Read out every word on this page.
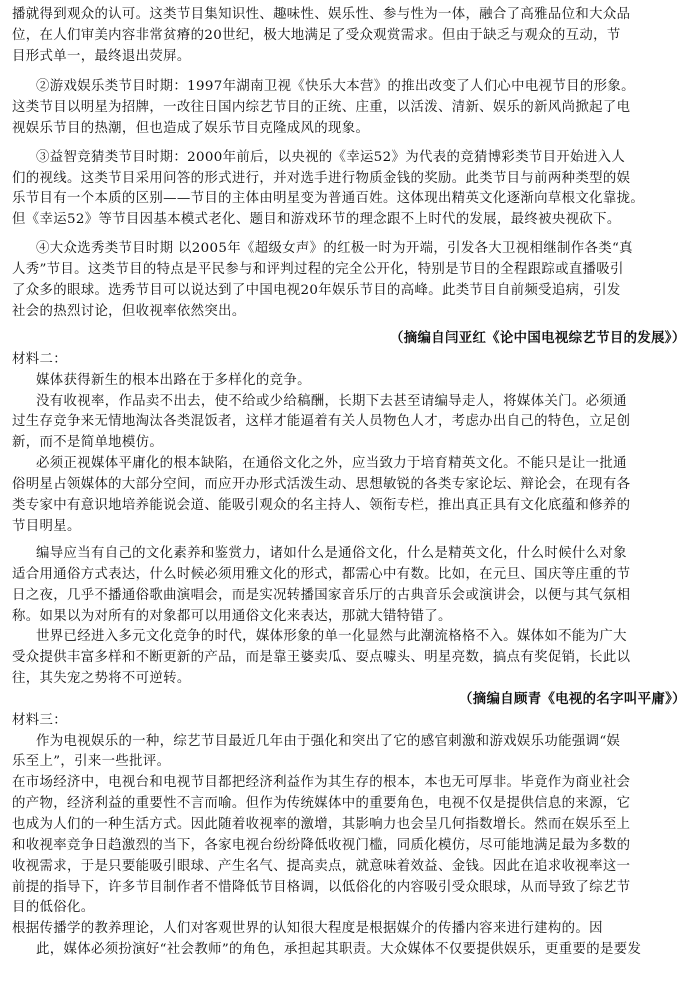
播就得到观众的认可。这类节目集知识性、趣味性、娱乐性、参与性为一体，融合了高雅品位和大众品
位，在人们审美内容非常贫瘠的20世纪，极大地满足了受众观赏需求。但由于缺乏与观众的互动，节
目形式单一，最终退出荧屏。
②游戏娱乐类节目时期：1997年湖南卫视《快乐大本营》的推出改变了人们心中电视节目的形象。
这类节目以明星为招牌，一改往日国内综艺节目的正统、庄重，以活泼、清新、娱乐的新风尚掀起了电
视娱乐节目的热潮，但也造成了娱乐节目克隆成风的现象。
③益智竞猜类节目时期：2000年前后，以央视的《幸运52》为代表的竞猜博彩类节目开始进入人
们的视线。这类节目采用问答的形式进行，并对选手进行物质金钱的奖励。此类节目与前两种类型的娱
乐节目有一个本质的区别——节目的主体由明星变为普通百姓。这体现出精英文化逐渐向草根文化靠拢。
但《幸运52》等节目因基本模式老化、题目和游戏环节的理念跟不上时代的发展，最终被央视砍下。
④大众选秀类节目时期 以2005年《超级女声》的红极一时为开端，引发各大卫视相继制作各类“真
人秀”节目。这类节目的特点是平民参与和评判过程的完全公开化，特别是节目的全程跟踪或直播吸引
了众多的眼球。选秀节目可以说达到了中国电视20年娱乐节目的高峰。此类节目自前频受追病，引发
社会的热烈讨论，但收视率依然突出。
（摘编自闫亚红《论中国电视综艺节目的发展》）
材料二：
媒体获得新生的根本出路在于多样化的竞争。
没有收视率，作品卖不出去，使不给或少给稿酬，长期下去甚至请编导走人，将媒体关门。必须通
过生存竞争来无情地淘汰各类混饭者，这样才能逼着有关人员物色人才，考虑办出自己的特色，立足创
新，而不是简单地模仿。
必须正视媒体平庸化的根本缺陷，在通俗文化之外，应当致力于培育精英文化。不能只是让一批通
俗明星占领媒体的大部分空间，而应开办形式活泼生动、思想敏锐的各类专家论坛、辩论会，在现有各
类专家中有意识地培养能说会道、能吸引观众的名主持人、领衔专栏，推出真正具有文化底蕴和修养的
节目明星。
编导应当有自己的文化素养和鉴赏力，诸如什么是通俗文化，什么是精英文化，什么时候什么对象
适合用通俗方式表达，什么时候必须用雅文化的形式，都需心中有数。比如，在元旦、国庆等庄重的节
日之夜，几乎不播通俗歌曲演唱会，而是实况转播国家音乐厅的古典音乐会或演讲会，以便与其气氛相
称。如果以为对所有的对象都可以用通俗文化来表达，那就大错特错了。
世界已经进入多元文化竞争的时代，媒体形象的单一化显然与此潮流格格不入。媒体如不能为广大
受众提供丰富多样和不断更新的产品，而是靠王婆卖瓜、耍点噱头、明星亮数，搞点有奖促销，长此以
往，其失宠之势将不可逆转。
（摘编自顾青《电视的名字叫平庸》）
材料三：
作为电视娱乐的一种，综艺节目最近几年由于强化和突出了它的感官刺激和游戏娱乐功能强调“娱
乐至上”，引来一些批评。
在市场经济中，电视台和电视节目都把经济利益作为其生存的根本，本也无可厚非。毕竟作为商业社会
的产物，经济利益的重要性不言而喻。但作为传统媒体中的重要角色，电视不仅是提供信息的来源，它
也成为人们的一种生活方式。因此随着收视率的激增，其影响力也会呈几何指数增长。然而在娱乐至上
和收视率竞争日趋激烈的当下，各家电视台纷纷降低收视门槛，同质化模仿，尽可能地满足最为多数的
收视需求，于是只要能吸引眼球、产生名气、提高卖点，就意味着效益、金钱。因此在追求收视率这一
前提的指导下，许多节目制作者不惜降低节目格调，以低俗化的内容吸引受众眼球，从而导致了综艺节
目的低俗化。
根据传播学的教养理论，人们对客观世界的认知很大程度是根据媒介的传播内容来进行建构的。因
此，媒体必须扮演好“社会教师”的角色，承担起其职责。大众媒体不仅要提供娱乐，更重要的是要发
